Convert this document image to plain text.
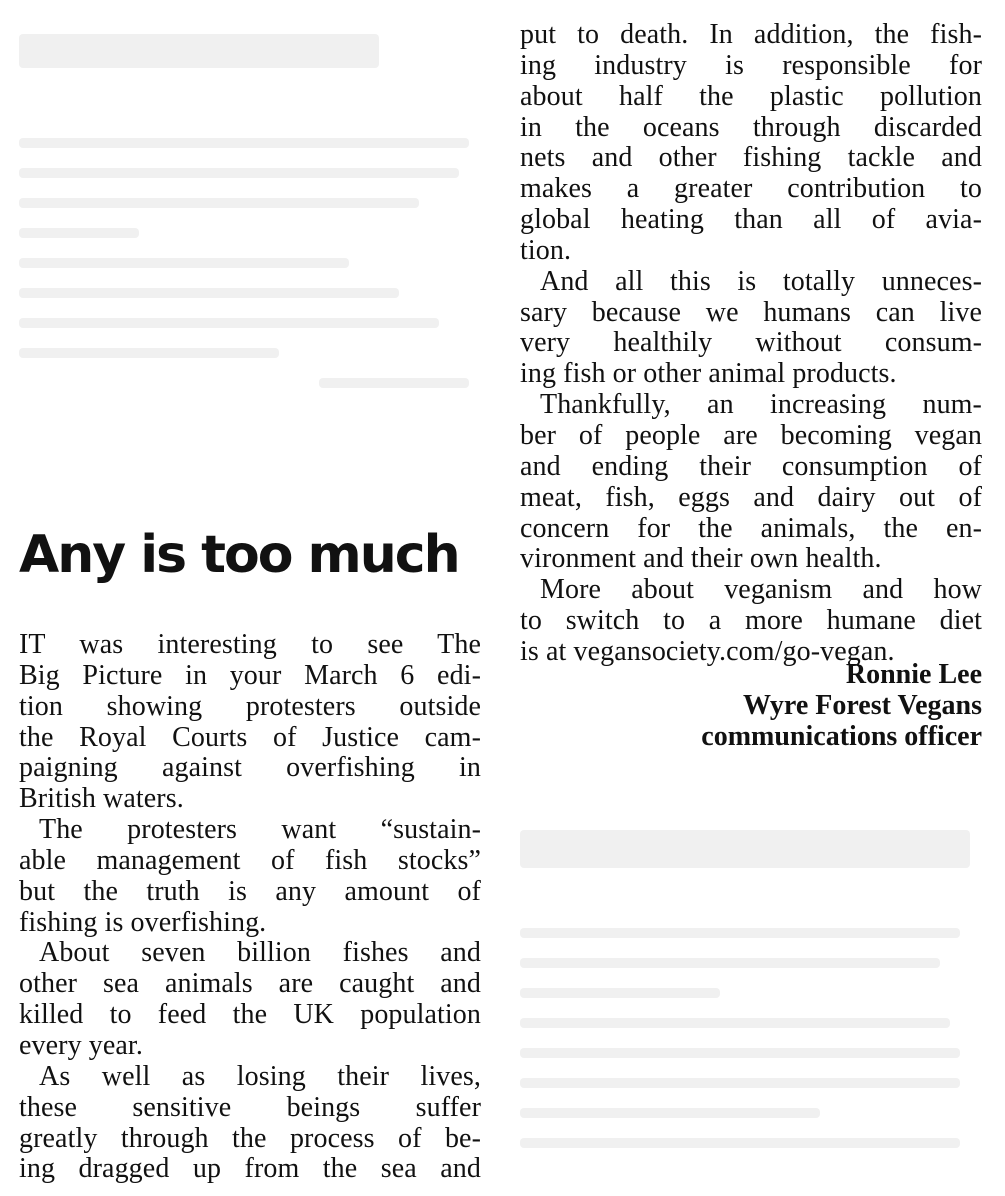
Any is too much
IT was interesting to see The
Big Picture in your March 6 edi-
tion showing protesters outside
the Royal Courts of Justice cam-
paigning against overfishing in
British waters.
The protesters want “sustain-
able management of fish stocks”
but the truth is any amount of
fishing is overfishing.
About seven billion fishes and
other sea animals are caught and
killed to feed the UK population
every year.
As well as losing their lives,
these sensitive beings suffer
greatly through the process of be-
ing dragged up from the sea and
put to death. In addition, the fish-
ing industry is responsible for
about half the plastic pollution
in the oceans through discarded
nets and other fishing tackle and
makes a greater contribution to
global heating than all of avia-
tion.
And all this is totally unneces-
sary because we humans can live
very healthily without consum-
ing fish or other animal products.
Thankfully, an increasing num-
ber of people are becoming vegan
and ending their consumption of
meat, fish, eggs and dairy out of
concern for the animals, the en-
vironment and their own health.
More about veganism and how
to switch to a more humane diet
is at vegansociety.com/go-vegan.
Ronnie Lee
Wyre Forest Vegans
communications officer
